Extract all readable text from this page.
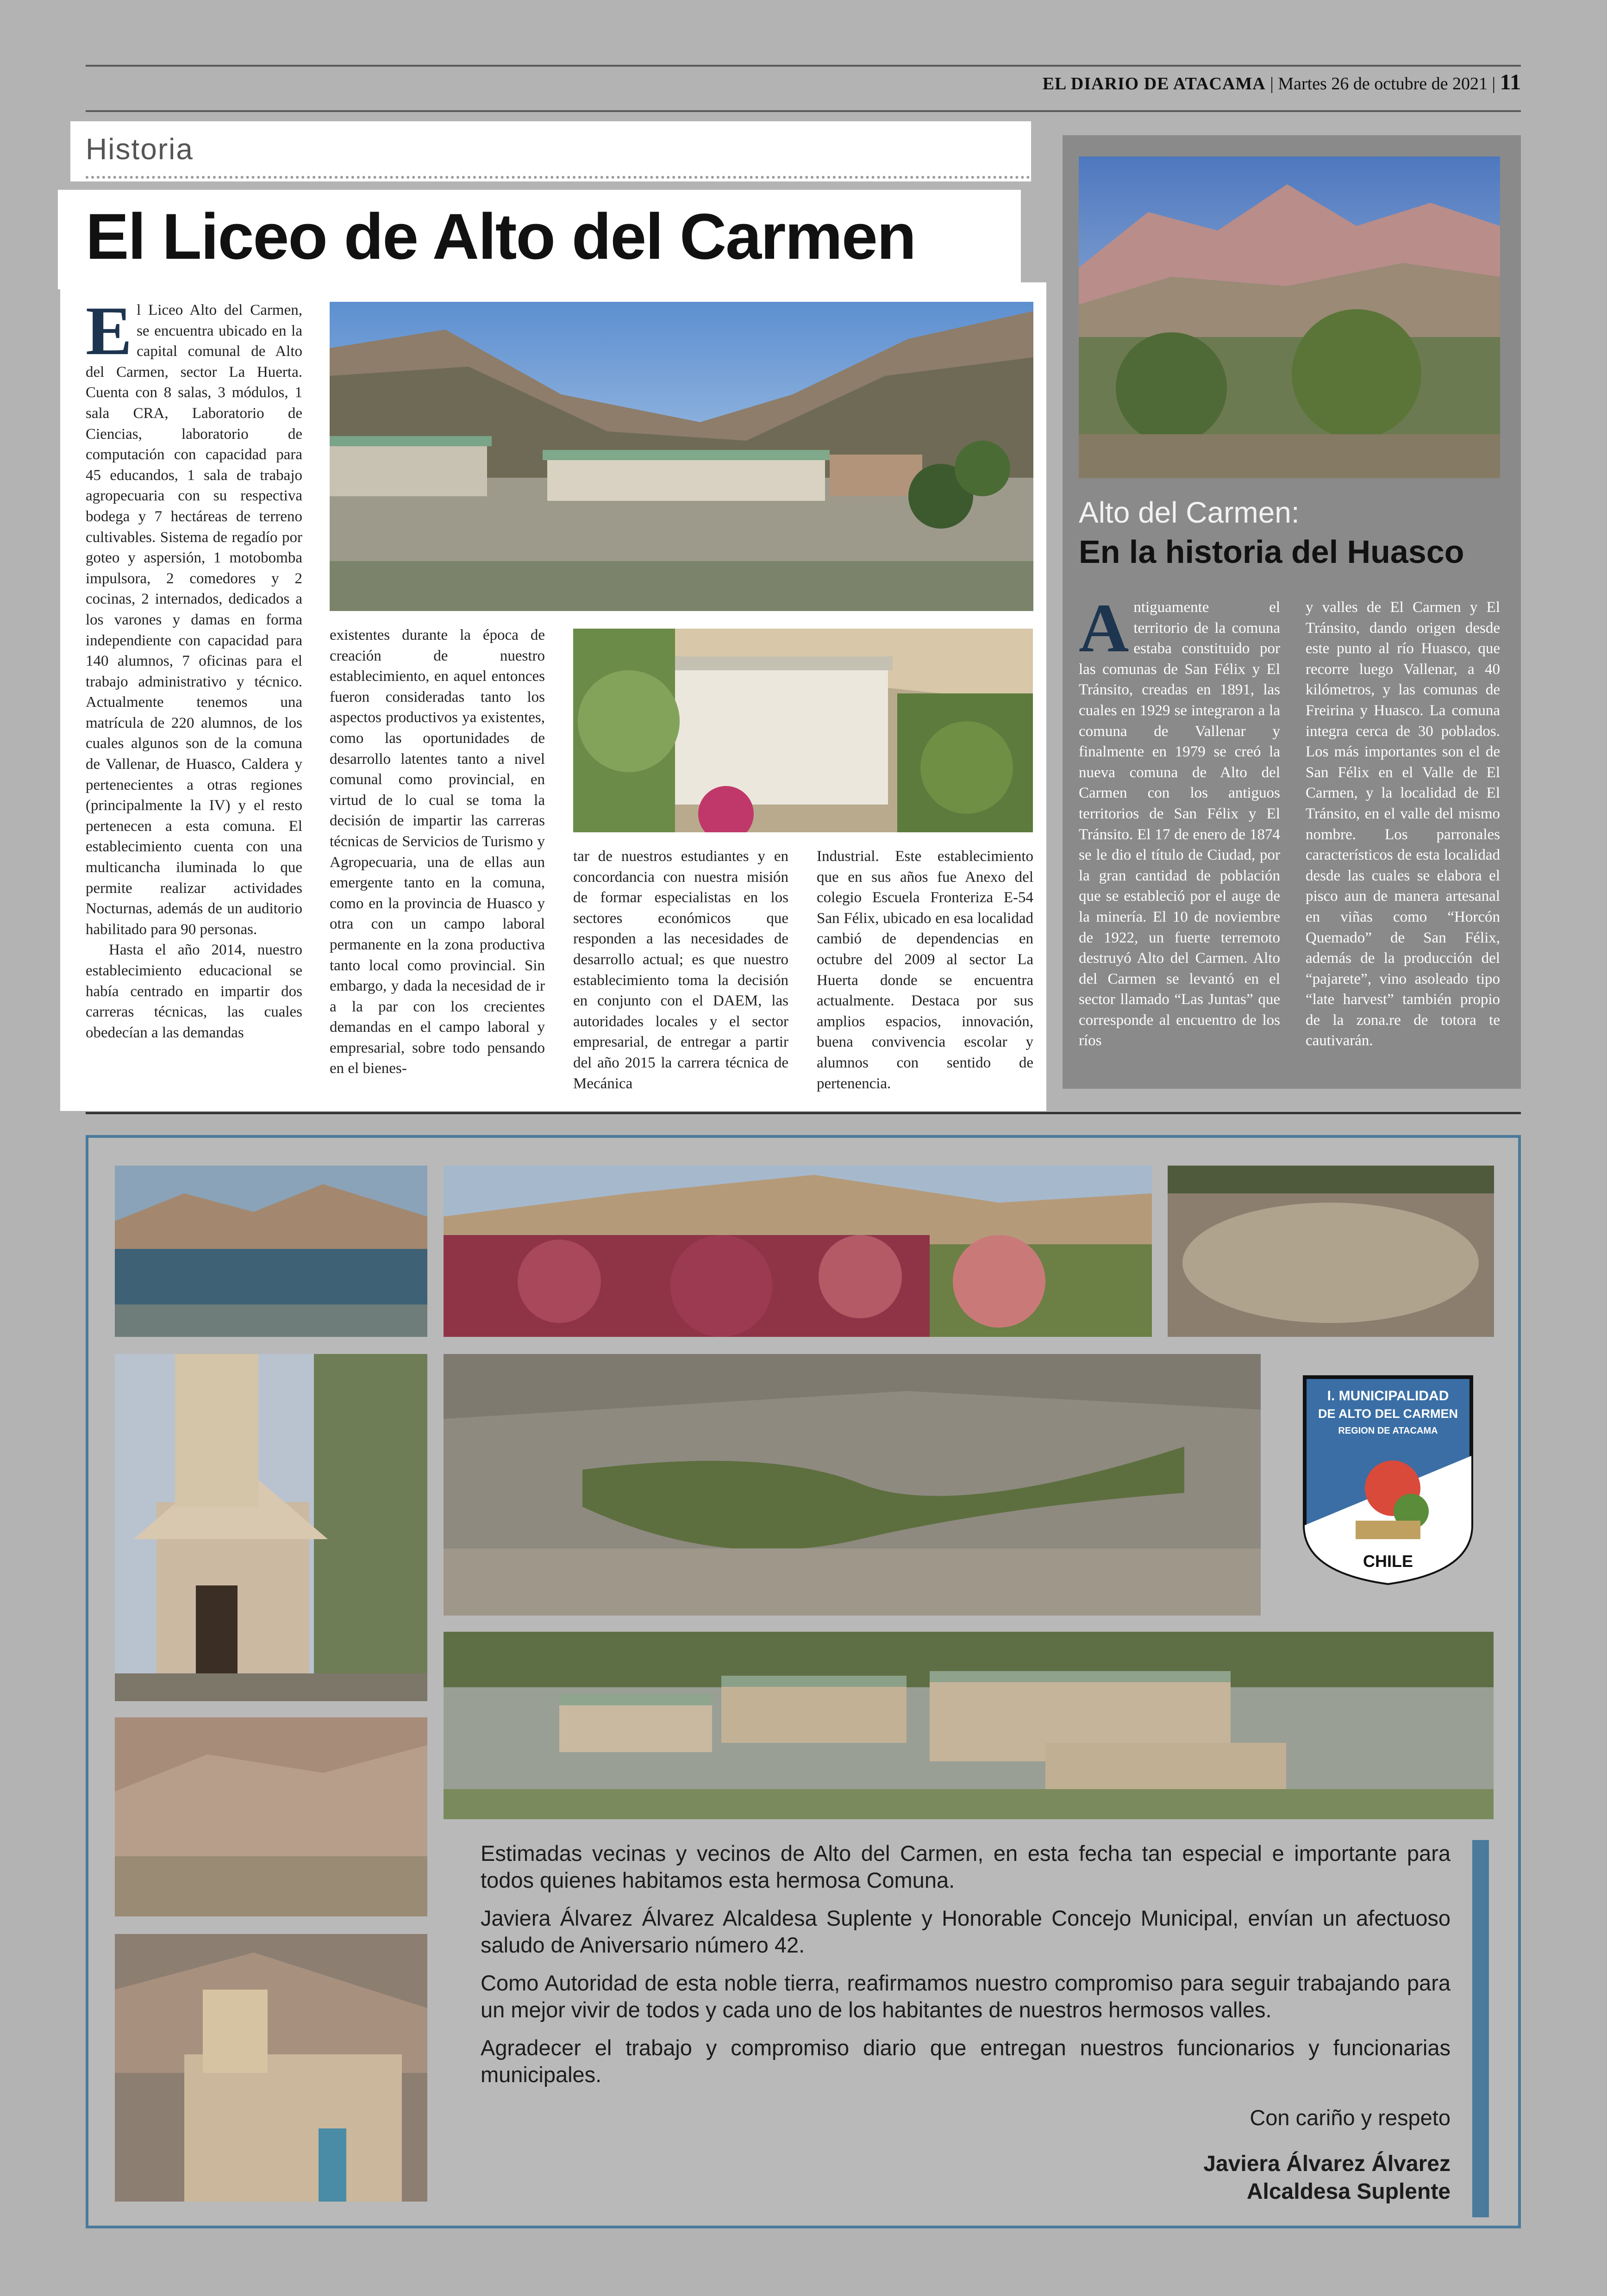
EL DIARIO DE ATACAMA | Martes 26 de octubre de 2021 | 11
Historia
El Liceo de Alto del Carmen

El Liceo Alto del Carmen, se encuentra ubicado en la capital comunal de Alto del Carmen, sector La Huerta. Cuenta con 8 salas, 3 módulos, 1 sala CRA, Laboratorio de Ciencias, laboratorio de computación con capacidad para 45 educandos, 1 sala de trabajo agropecuaria con su respectiva bodega y 7 hectáreas de terreno cultivables. Sistema de regadío por goteo y aspersión, 1 motobomba impulsora, 2 comedores y 2 cocinas, 2 internados, dedicados a los varones y damas en forma independiente con capacidad para 140 alumnos, 7 oficinas para el trabajo administrativo y técnico. Actualmente tenemos una matrícula de 220 alumnos, de los cuales algunos son de la comuna de Vallenar, de Huasco, Caldera y pertenecientes a otras regiones (principalmente la IV) y el resto pertenecen a esta comuna. El establecimiento cuenta con una multicancha iluminada lo que permite realizar actividades Nocturnas, además de un auditorio habilitado para 90 personas.

Hasta el año 2014, nuestro establecimiento educacional se había centrado en impartir dos carreras técnicas, las cuales obedecían a las demandas

existentes durante la época de creación de nuestro establecimiento, en aquel entonces fueron consideradas tanto los aspectos productivos ya existentes, como las oportunidades de desarrollo latentes tanto a nivel comunal como provincial, en virtud de lo cual se toma la decisión de impartir las carreras técnicas de Servicios de Turismo y Agropecuaria, una de ellas aun emergente tanto en la comuna, como en la provincia de Huasco y otra con un campo laboral permanente en la zona productiva tanto local como provincial. Sin embargo, y dada la necesidad de ir a la par con los crecientes demandas en el campo laboral y empresarial, sobre todo pensando en el bienes-

tar de nuestros estudiantes y en concordancia con nuestra misión de formar especialistas en los sectores económicos que responden a las necesidades de desarrollo actual; es que nuestro establecimiento toma la decisión en conjunto con el DAEM, las autoridades locales y el sector empresarial, de entregar a partir del año 2015 la carrera técnica de Mecánica

Industrial. Este establecimiento que en sus años fue Anexo del colegio Escuela Fronteriza E-54 San Félix, ubicado en esa localidad cambió de dependencias en octubre del 2009 al sector La Huerta donde se encuentra actualmente. Destaca por sus amplios espacios, innovación, buena convivencia escolar y alumnos con sentido de pertenencia.

Alto del Carmen:
En la historia del Huasco

Antiguamente el territorio de la comuna estaba constituido por las comunas de San Félix y El Tránsito, creadas en 1891, las cuales en 1929 se integraron a la comuna de Vallenar y finalmente en 1979 se creó la nueva comuna de Alto del Carmen con los antiguos territorios de San Félix y El Tránsito. El 17 de enero de 1874 se le dio el título de Ciudad, por la gran cantidad de población que se estableció por el auge de la minería. El 10 de noviembre de 1922, un fuerte terremoto destruyó Alto del Carmen. Alto del Carmen se levantó en el sector llamado “Las Juntas” que corresponde al encuentro de los ríos

y valles de El Carmen y El Tránsito, dando origen desde este punto al río Huasco, que recorre luego Vallenar, a 40 kilómetros, y las comunas de Freirina y Huasco. La comuna integra cerca de 30 poblados. Los más importantes son el de San Félix en el Valle de El Carmen, y la localidad de El Tránsito, en el valle del mismo nombre. Los parronales característicos de esta localidad desde las cuales se elabora el pisco aun de manera artesanal en viñas como “Horcón Quemado” de San Félix, además de la producción del “pajarete”, vino asoleado tipo “late harvest” también propio de la zona.re de totora te cautivarán.

I. MUNICIPALIDAD
DE ALTO DEL CARMEN
REGION DE ATACAMA
CHILE

Estimadas vecinas y vecinos de Alto del Carmen, en esta fecha tan especial e importante para todos quienes habitamos esta hermosa Comuna.

Javiera Álvarez Álvarez Alcaldesa Suplente y Honorable Concejo Municipal, envían un afectuoso saludo de Aniversario número 42.

Como Autoridad de esta noble tierra, reafirmamos nuestro compromiso para seguir trabajando para un mejor vivir de todos y cada uno de los habitantes de nuestros hermosos valles.

Agradecer el trabajo y compromiso diario que entregan nuestros funcionarios y funcionarias municipales.

Con cariño y respeto
Javiera Álvarez Álvarez
Alcaldesa Suplente
